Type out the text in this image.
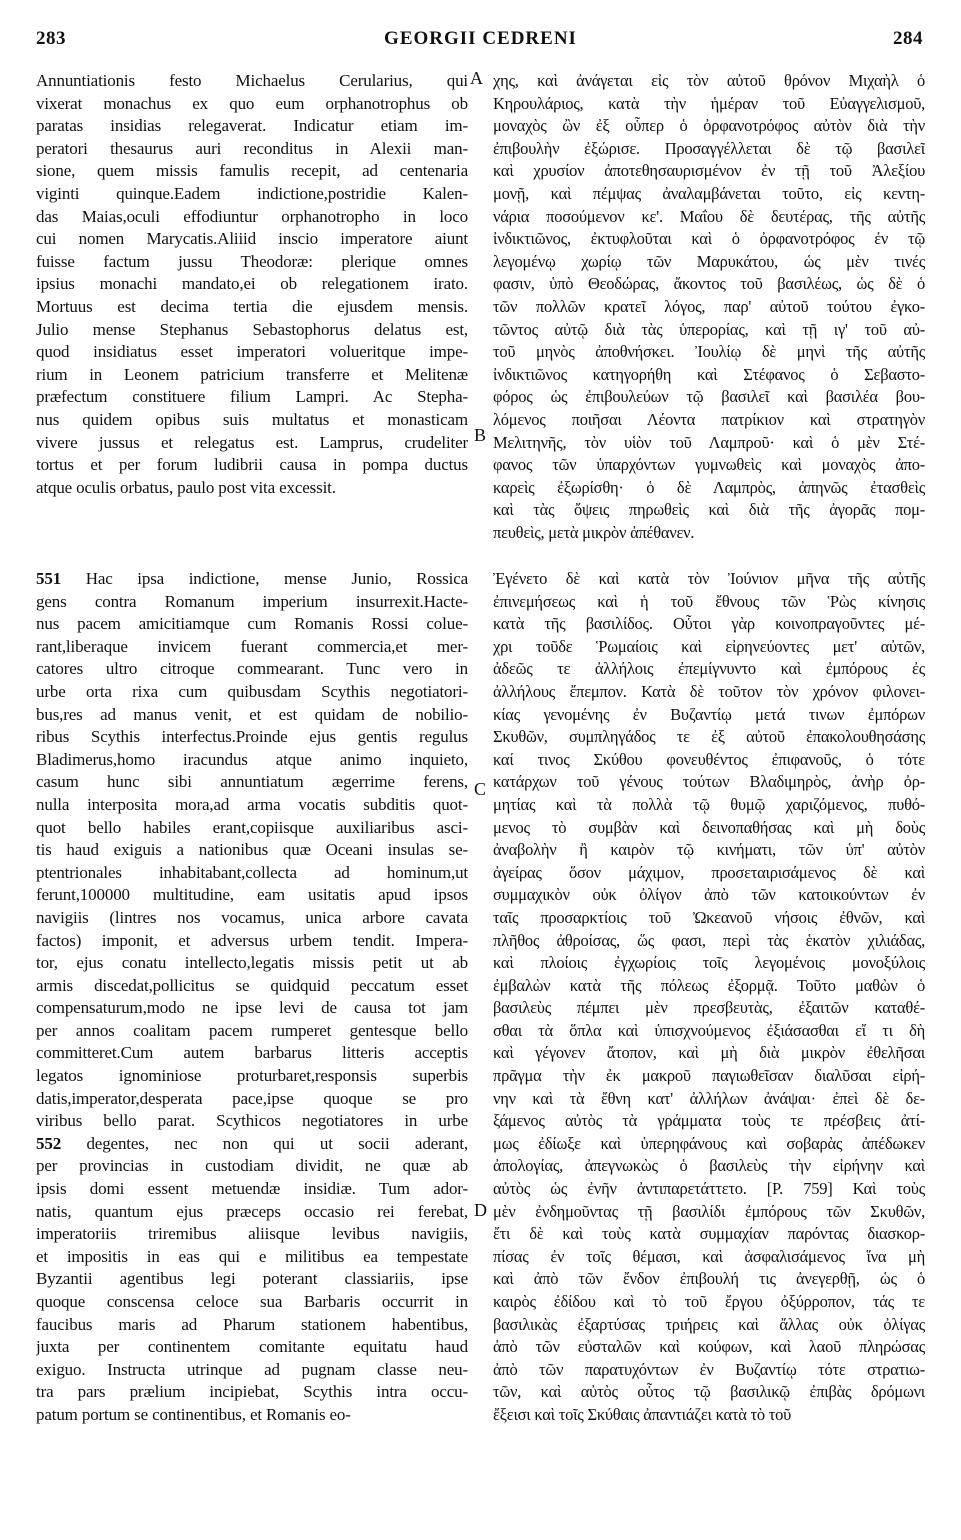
283	GEORGII CEDRENI	284
A
B
C
D
Annuntiationis festo Michaelus Cerularius, qui
vixerat monachus ex quo eum orphanotrophus ob
paratas insidias relegaverat. Indicatur etiam im-
peratori thesaurus auri reconditus in Alexii man-
sione, quem missis famulis recepit, ad centenaria
viginti quinque.Eadem indictione,postridie Kalen-
das Maias,oculi effodiuntur orphanotropho in loco
cui nomen Marycatis.Aliiid inscio imperatore aiunt
fuisse factum jussu Theodoræ: plerique omnes
ipsius monachi mandato,ei ob relegationem irato.
Mortuus est decima tertia die ejusdem mensis.
Julio mense Stephanus Sebastophorus delatus est,
quod insidiatus esset imperatori volueritque impe-
rium in Leonem patricium transferre et Melitenæ
præfectum constituere filium Lampri. Ac Stepha-
nus quidem opibus suis multatus et monasticam
vivere jussus et relegatus est. Lamprus, crudeliter
tortus et per forum ludibrii causa in pompa ductus
atque oculis orbatus, paulo post vita excessit.
χης, καὶ ἀνάγεται εἰς τὸν αὐτοῦ θρόνον Μιχαὴλ ὁ
Κηρουλάριος, κατὰ τὴν ἡμέραν τοῦ Εὐαγγελισμοῦ,
μοναχὸς ὢν ἐξ οὗπερ ὁ ὀρφανοτρόφος αὐτὸν διὰ τὴν
ἐπιβουλὴν ἐξώρισε. Προσαγγέλλεται δὲ τῷ βασιλεῖ
καὶ χρυσίον ἀποτεθησαυρισμένον ἐν τῇ τοῦ Ἀλεξίου
μονῇ, καὶ πέμψας ἀναλαμβάνεται τοῦτο, εἰς κεντη-
νάρια ποσούμενον κε'. Μαΐου δὲ δευτέρας, τῆς αὐτῆς
ἰνδικτιῶνος, ἐκτυφλοῦται καὶ ὁ ὀρφανοτρόφος ἐν τῷ
λεγομένῳ χωρίῳ τῶν Μαρυκάτου, ὡς μὲν τινές
φασιν, ὑπὸ Θεοδώρας, ἄκοντος τοῦ βασιλέως, ὡς δὲ ὁ
τῶν πολλῶν κρατεῖ λόγος, παρ' αὐτοῦ τούτου ἐγκο-
τῶντος αὐτῷ διὰ τὰς ὑπερορίας, καὶ τῇ ιγ' τοῦ αὐ-
τοῦ μηνὸς ἀποθνήσκει. Ἰουλίῳ δὲ μηνὶ τῆς αὐτῆς
ἰνδικτιῶνος κατηγορήθη καὶ Στέφανος ὁ Σεβαστο-
φόρος ὡς ἐπιβουλεύων τῷ βασιλεῖ καὶ βασιλέα βου-
λόμενος ποιῆσαι Λέοντα πατρίκιον καὶ στρατηγὸν
Μελιτηνῆς, τὸν υἱὸν τοῦ Λαμπροῦ· καὶ ὁ μὲν Στέ-
φανος τῶν ὑπαρχόντων γυμνωθεὶς καὶ μοναχὸς ἀπο-
καρεὶς ἐξωρίσθη· ὁ δὲ Λαμπρὸς, ἀπηνῶς ἐτασθεὶς
καὶ τὰς ὄψεις πηρωθεὶς καὶ διὰ τῆς ἀγορᾶς πομ-
πευθεὶς, μετὰ μικρὸν ἀπέθανεν.
551 Hac ipsa indictione, mense Junio, Rossica
gens contra Romanum imperium insurrexit.Hacte-
nus pacem amicitiamque cum Romanis Rossi colue-
rant,liberaque invicem fuerant commercia,et mer-
catores ultro citroque commearant. Tunc vero in
urbe orta rixa cum quibusdam Scythis negotiatori-
bus,res ad manus venit, et est quidam de nobilio-
ribus Scythis interfectus.Proinde ejus gentis regulus
Bladimerus,homo iracundus atque animo inquieto,
casum hunc sibi annuntiatum ægerrime ferens,
nulla interposita mora,ad arma vocatis subditis quot-
quot bello habiles erant,copiisque auxiliaribus asci-
tis haud exiguis a nationibus quæ Oceani insulas se-
ptentrionales inhabitabant,collecta ad hominum,ut
ferunt,100000 multitudine, eam usitatis apud ipsos
navigiis (lintres nos vocamus, unica arbore cavata
factos) imponit, et adversus urbem tendit. Impera-
tor, ejus conatu intellecto,legatis missis petit ut ab
armis discedat,pollicitus se quidquid peccatum esset
compensaturum,modo ne ipse levi de causa tot jam
per annos coalitam pacem rumperet gentesque bello
committeret.Cum autem barbarus litteris acceptis
legatos ignominiose proturbaret,responsis superbis
datis,imperator,desperata pace,ipse quoque se pro
viribus bello parat. Scythicos negotiatores in urbe
552 degentes, nec non qui ut socii aderant,
per provincias in custodiam dividit, ne quæ ab
ipsis domi essent metuendæ insidiæ. Tum ador-
natis, quantum ejus præceps occasio rei ferebat,
imperatoriis triremibus aliisque levibus navigiis,
et impositis in eas qui e militibus ea tempestate
Byzantii agentibus legi poterant classiariis, ipse
quoque conscensa celoce sua Barbaris occurrit in
faucibus maris ad Pharum stationem habentibus,
juxta per continentem comitante equitatu haud
exiguo. Instructa utrinque ad pugnam classe neu-
tra pars prælium incipiebat, Scythis intra occu-
patum portum se continentibus, et Romanis eo-
Ἐγένετο δὲ καὶ κατὰ τὸν Ἰούνιον μῆνα τῆς αὐτῆς
ἐπινεμήσεως καὶ ἡ τοῦ ἔθνους τῶν Ῥὼς κίνησις
κατὰ τῆς βασιλίδος. Οὗτοι γὰρ κοινοπραγοῦντες μέ-
χρι τοῦδε Ῥωμαίοις καὶ εἰρηνεύοντες μετ' αὐτῶν,
ἀδεῶς τε ἀλλήλοις ἐπεμίγνυντο καὶ ἐμπόρους ἐς
ἀλλήλους ἔπεμπον. Κατὰ δὲ τοῦτον τὸν χρόνον φιλονει-
κίας γενομένης ἐν Βυζαντίῳ μετά τινων ἐμπόρων
Σκυθῶν, συμπληγάδος τε ἐξ αὐτοῦ ἐπακολουθησάσης
καί τινος Σκύθου φονευθέντος ἐπιφανοῦς, ὁ τότε
κατάρχων τοῦ γένους τούτων Βλαδιμηρὸς, ἀνὴρ ὀρ-
μητίας καὶ τὰ πολλὰ τῷ θυμῷ χαριζόμενος, πυθό-
μενος τὸ συμβὰν καὶ δεινοπαθήσας καὶ μὴ δοὺς
ἀναβολὴν ἢ καιρὸν τῷ κινήματι, τῶν ὑπ' αὐτὸν
ἀγείρας ὅσον μάχιμον, προσεταιρισάμενος δὲ καὶ
συμμαχικὸν οὐκ ὀλίγον ἀπὸ τῶν κατοικούντων ἐν
ταῖς προσαρκτίοις τοῦ Ὠκεανοῦ νήσοις ἐθνῶν, καὶ
πλῆθος ἀθροίσας, ὥς φασι, περὶ τὰς ἑκατὸν χιλιάδας,
καὶ πλοίοις ἐγχωρίοις τοῖς λεγομένοις μονοξύλοις
ἐμβαλὼν κατὰ τῆς πόλεως ἐξορμᾷ. Τοῦτο μαθὼν ὁ
βασιλεὺς πέμπει μὲν πρεσβευτὰς, ἐξαιτῶν καταθέ-
σθαι τὰ ὅπλα καὶ ὑπισχνούμενος ἐξιάσασθαι εἴ τι δὴ
καὶ γέγονεν ἄτοπον, καὶ μὴ διὰ μικρὸν ἐθελῆσαι
πρᾶγμα τὴν ἐκ μακροῦ παγιωθεῖσαν διαλῦσαι εἰρή-
νην καὶ τὰ ἔθνη κατ' ἀλλήλων ἀνάψαι· ἐπεὶ δὲ δε-
ξάμενος αὐτὸς τὰ γράμματα τοὺς τε πρέσβεις ἀτί-
μως ἐδίωξε καὶ ὑπερηφάνους καὶ σοβαρὰς ἀπέδωκεν
ἀπολογίας, ἀπεγνωκὼς ὁ βασιλεὺς τὴν εἰρήνην καὶ
αὐτὸς ὡς ἐνῆν ἀντιπαρετάττετο. [P. 759] Καὶ τοὺς
μὲν ἐνδημοῦντας τῇ βασιλίδι ἐμπόρους τῶν Σκυθῶν,
ἔτι δὲ καὶ τοὺς κατὰ συμμαχίαν παρόντας διασκορ-
πίσας ἐν τοῖς θέμασι, καὶ ἀσφαλισάμενος ἵνα μὴ
καὶ ἀπὸ τῶν ἔνδον ἐπιβουλή τις ἀνεγερθῇ, ὡς ὁ
καιρὸς ἐδίδου καὶ τὸ τοῦ ἔργου ὀξύρροπον, τάς τε
βασιλικὰς ἐξαρτύσας τριήρεις καὶ ἄλλας οὐκ ὀλίγας
ἀπὸ τῶν εὐσταλῶν καὶ κούφων, καὶ λαοῦ πληρώσας
ἀπὸ τῶν παρατυχόντων ἐν Βυζαντίῳ τότε στρατιω-
τῶν, καὶ αὐτὸς οὗτος τῷ βασιλικῷ ἐπιβὰς δρόμωνι
ἔξεισι καὶ τοῖς Σκύθαις ἀπαντιάζει κατὰ τὸ τοῦ
